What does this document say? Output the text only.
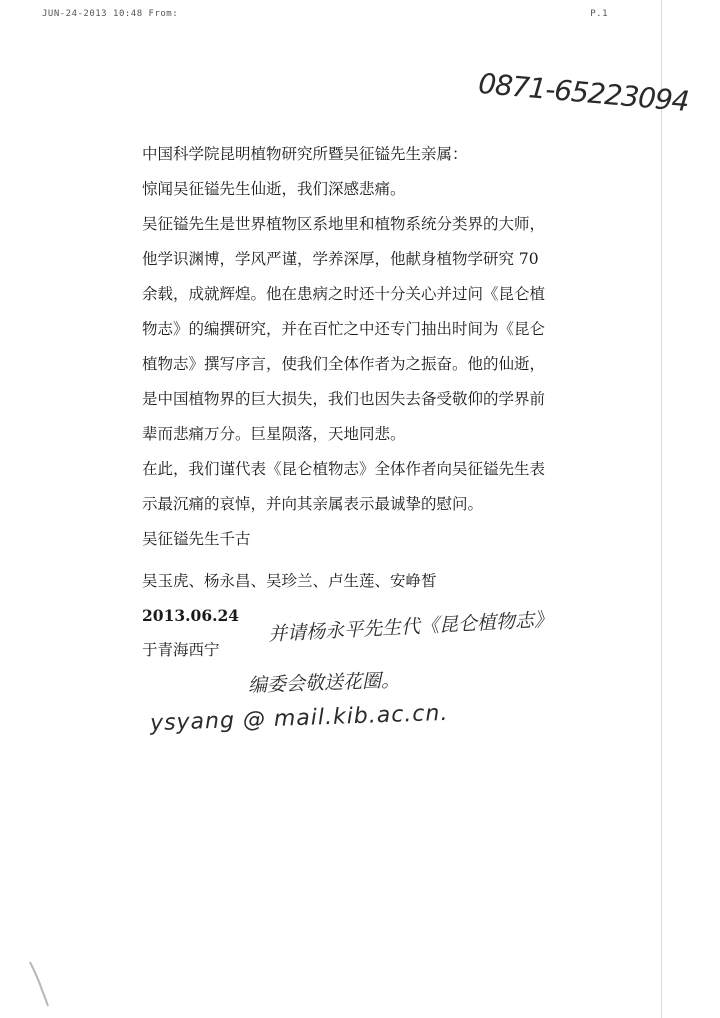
JUN-24-2013 10:48 From:	P.1
0871-65223094
中国科学院昆明植物研究所暨吴征镒先生亲属：
惊闻吴征镒先生仙逝，我们深感悲痛。
吴征镒先生是世界植物区系地里和植物系统分类界的大师，
他学识渊博，学风严谨，学养深厚，他献身植物学研究 70
余载，成就辉煌。他在患病之时还十分关心并过问《昆仑植
物志》的编撰研究，并在百忙之中还专门抽出时间为《昆仑
植物志》撰写序言，使我们全体作者为之振奋。他的仙逝，
是中国植物界的巨大损失，我们也因失去备受敬仰的学界前
辈而悲痛万分。巨星陨落，天地同悲。
在此，我们谨代表《昆仑植物志》全体作者向吴征镒先生表
示最沉痛的哀悼，并向其亲属表示最诚挚的慰问。
吴征镒先生千古
吴玉虎、杨永昌、吴珍兰、卢生莲、安峥皙
2013.06.24
于青海西宁
并请杨永平先生代《昆仑植物志》
编委会敬送花圈。
ysyang @ mail.kib.ac.cn.
